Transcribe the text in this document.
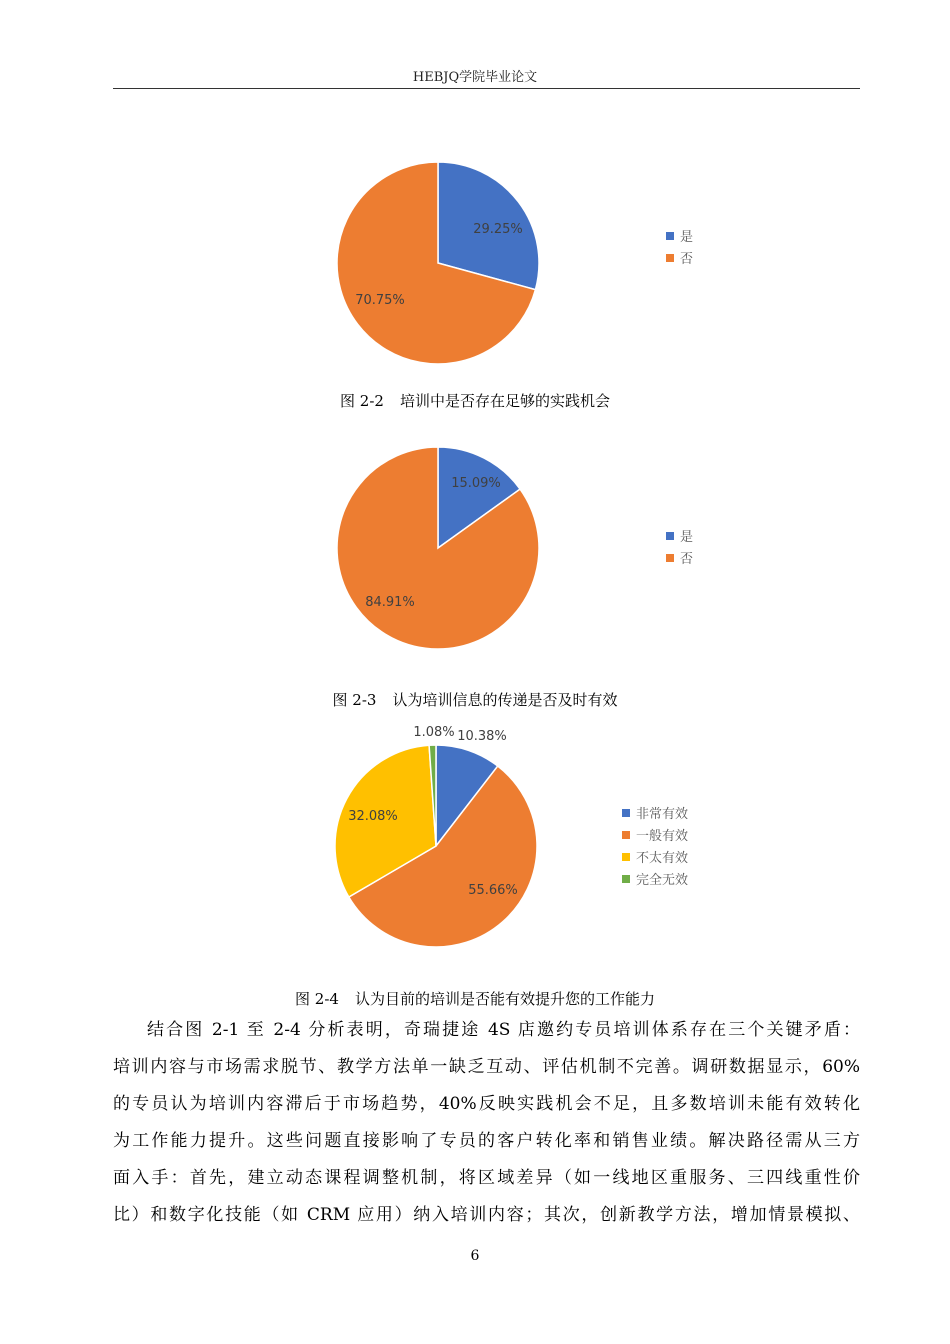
HEBJQ学院毕业论文
29.25%
70.75%
是
否
图 2-2 培训中是否存在足够的实践机会
15.09%
84.91%
是
否
图 2-3 认为培训信息的传递是否及时有效
10.38%
55.66%
32.08%
1.08%
非常有效
一般有效
不太有效
完全无效
图 2-4 认为目前的培训是否能有效提升您的工作能力
结合图 2-1 至 2-4 分析表明，奇瑞捷途 4S 店邀约专员培训体系存在三个关键矛盾：
培训内容与市场需求脱节、教学方法单一缺乏互动、评估机制不完善。调研数据显示，60%
的专员认为培训内容滞后于市场趋势，40%反映实践机会不足，且多数培训未能有效转化
为工作能力提升。这些问题直接影响了专员的客户转化率和销售业绩。解决路径需从三方
面入手：首先，建立动态课程调整机制，将区域差异（如一线地区重服务、三四线重性价
比）和数字化技能（如 CRM 应用）纳入培训内容；其次，创新教学方法，增加情景模拟、
6
